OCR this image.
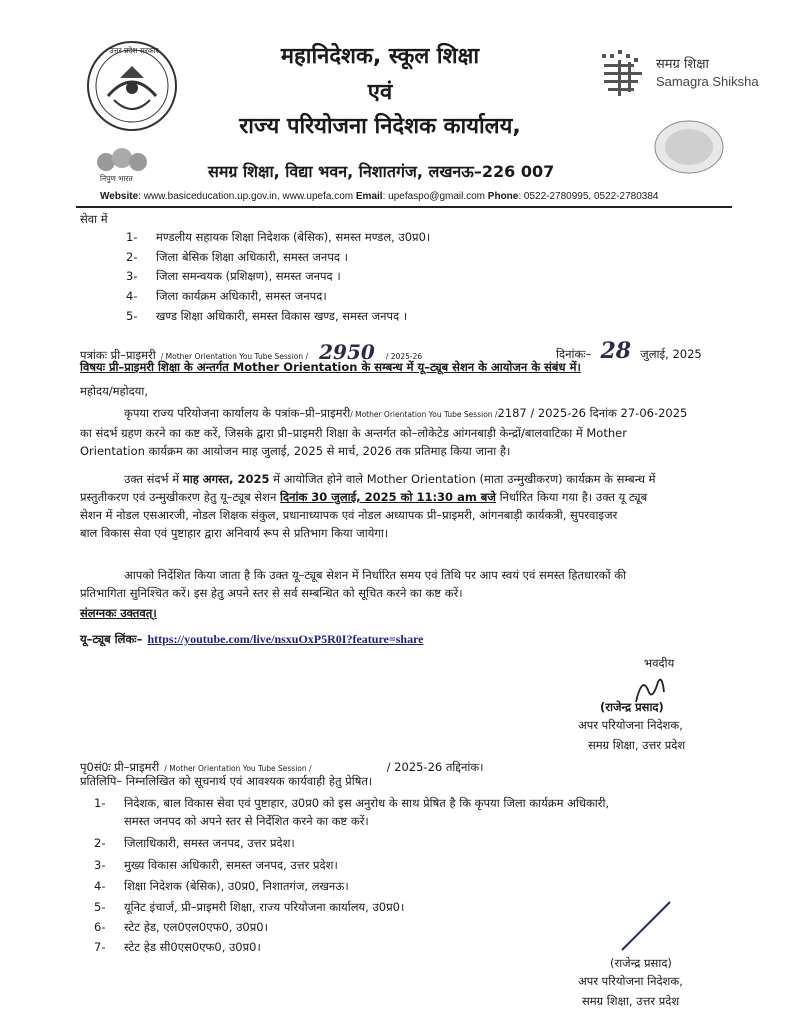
उत्तर प्रदेश सरकार	महानिदेशक, स्कूल शिक्षा
एवं
राज्य परियोजना निदेशक कार्यालय,
समग्र शिक्षा
Samagra Shiksha
निपुण भारत	समग्र शिक्षा, विद्या भवन, निशातगंज, लखनऊ–226 007
Website: www.basiceducation.up.gov.in, www.upefa.com Email: upefaspo@gmail.com Phone: 0522-2780995, 0522-2780384
सेवा में
1- मण्डलीय सहायक शिक्षा निदेशक (बेसिक), समस्त मण्डल, उ0प्र0।
2- जिला बेसिक शिक्षा अधिकारी, समस्त जनपद ।
3- जिला समन्वयक (प्रशिक्षण), समस्त जनपद ।
4- जिला कार्यक्रम अधिकारी, समस्त जनपद।
5- खण्ड शिक्षा अधिकारी, समस्त विकास खण्ड, समस्त जनपद ।
पत्रांकः प्री–प्राइमरी / Mother Orientation You Tube Session / 2950 / 2025-26	दिनांकः– 28 जुलाई, 2025
विषयः प्री–प्राइमरी शिक्षा के अन्तर्गत Mother Orientation के सम्बन्ध में यू–ट्यूब सेशन के आयोजन के संबंध में।
महोदय/महोदया,
कृपया राज्य परियोजना कार्यालय के पत्रांक–प्री–प्राइमरी/ Mother Orientation You Tube Session /2187 / 2025-26 दिनांक 27-06-2025
का संदर्भ ग्रहण करने का कष्ट करें, जिसके द्वारा प्री–प्राइमरी शिक्षा के अन्तर्गत को–लोकेटेड आंगनबाड़ी केन्द्रों/बालवाटिका में Mother
Orientation कार्यक्रम का आयोजन माह जुलाई, 2025 से मार्च, 2026 तक प्रतिमाह किया जाना है।
उक्त संदर्भ में माह अगस्त, 2025 में आयोजित होने वाले Mother Orientation (माता उन्मुखीकरण) कार्यक्रम के सम्बन्ध में
प्रस्तुतीकरण एवं उन्मुखीकरण हेतु यू–ट्यूब सेशन दिनांक 30 जुलाई, 2025 को 11:30 am बजे निर्धारित किया गया है। उक्त यू ट्यूब
सेशन में नोडल एसआरजी, नोडल शिक्षक संकुल, प्रधानाध्यापक एवं नोडल अध्यापक प्री–प्राइमरी, आंगनबाड़ी कार्यकत्री, सुपरवाइजर
बाल विकास सेवा एवं पुष्टाहार द्वारा अनिवार्य रूप से प्रतिभाग किया जायेगा।
आपको निर्देशित किया जाता है कि उक्त यू–ट्यूब सेशन में निर्धारित समय एवं तिथि पर आप स्वयं एवं समस्त हितधारकों की
प्रतिभागिता सुनिश्चित करें। इस हेतु अपने स्तर से सर्व सम्बन्धित को सूचित करने का कष्ट करें।
संलग्नकः उक्तवत्।
यू–ट्यूब लिंकः– https://youtube.com/live/nsxuOxP5R0I?feature=share
भवदीय
(राजेन्द्र प्रसाद)
अपर परियोजना निदेशक,
समग्र शिक्षा, उत्तर प्रदेश
पृ0सं0ः प्री–प्राइमरी / Mother Orientation You Tube Session /	/ 2025-26 तद्दिनांक।
प्रतिलिपि– निम्नलिखित को सूचनार्थ एवं आवश्यक कार्यवाही हेतु प्रेषित।
1- निदेशक, बाल विकास सेवा एवं पुष्टाहार, उ0प्र0 को इस अनुरोध के साथ प्रेषित है कि कृपया जिला कार्यक्रम अधिकारी,
समस्त जनपद को अपने स्तर से निर्देशित करने का कष्ट करें।
2- जिलाधिकारी, समस्त जनपद, उत्तर प्रदेश।
3- मुख्य विकास अधिकारी, समस्त जनपद, उत्तर प्रदेश।
4- शिक्षा निदेशक (बेसिक), उ0प्र0, निशातगंज, लखनऊ।
5- यूनिट इंचार्ज, प्री–प्राइमरी शिक्षा, राज्य परियोजना कार्यालय, उ0प्र0।
6- स्टेट हेड, एल0एल0एफ0, उ0प्र0।
7- स्टेट हेड सी0एस0एफ0, उ0प्र0।
(राजेन्द्र प्रसाद)
अपर परियोजना निदेशक,
समग्र शिक्षा, उत्तर प्रदेश
